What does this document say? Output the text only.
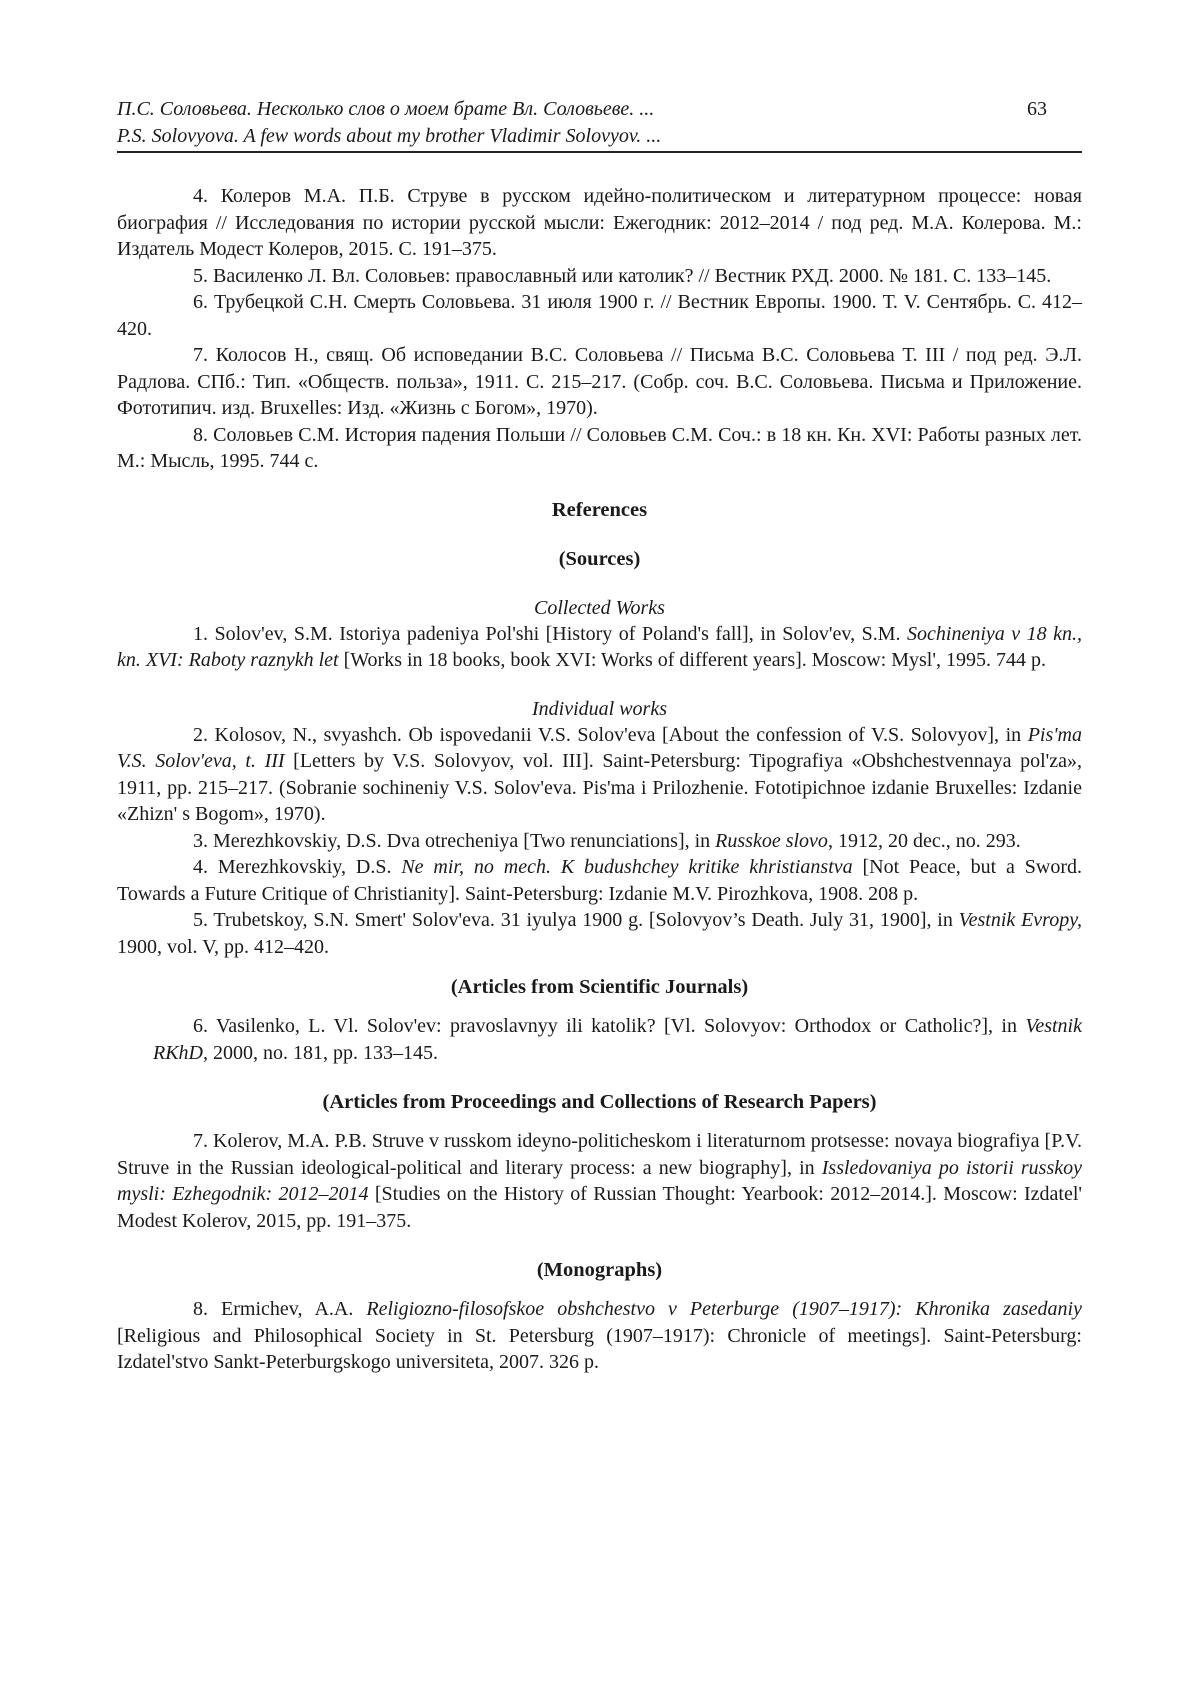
П.С. Соловьева. Несколько слов о моем брате Вл. Соловьеве. ...
P.S. Solovyova. A few words about my brother Vladimir Solovyov. ...
63

4. Колеров М.А. П.Б. Струве в русском идейно-политическом и литературном процессе: новая биография // Исследования по истории русской мысли: Ежегодник: 2012–2014 / под ред. М.А. Колерова. М.: Издатель Модест Колеров, 2015. С. 191–375.

5. Василенко Л. Вл. Соловьев: православный или католик? // Вестник РХД. 2000. № 181. С. 133–145.

6. Трубецкой С.Н. Смерть Соловьева. 31 июля 1900 г. // Вестник Европы. 1900. Т. V. Сентябрь. С. 412–420.

7. Колосов Н., свящ. Об исповедании В.С. Соловьева // Письма В.С. Соловьева Т. III / под ред. Э.Л. Радлова. СПб.: Тип. «Обществ. польза», 1911. С. 215–217. (Собр. соч. В.С. Соловьева. Письма и Приложение. Фототипич. изд. Bruxelles: Изд. «Жизнь с Богом», 1970).

8. Соловьев С.М. История падения Польши // Соловьев С.М. Соч.: в 18 кн. Кн. XVI: Работы разных лет. М.: Мысль, 1995. 744 с.

References
(Sources)
Collected Works

1. Solov'ev, S.M. Istoriya padeniya Pol'shi [History of Poland's fall], in Solov'ev, S.M. Sochineniya v 18 kn., kn. XVI: Raboty raznykh let [Works in 18 books, book XVI: Works of different years]. Moscow: Mysl', 1995. 744 p.

Individual works

2. Kolosov, N., svyashch. Ob ispovedanii V.S. Solov'eva [About the confession of V.S. Solovyov], in Pis'ma V.S. Solov'eva, t. III [Letters by V.S. Solovyov, vol. III]. Saint-Petersburg: Tipografiya «Obshchestvennaya pol'za», 1911, pp. 215–217. (Sobranie sochineniy V.S. Solov'eva. Pis'ma i Prilozhenie. Fototipichnoe izdanie Bruxelles: Izdanie «Zhizn' s Bogom», 1970).

3. Merezhkovskiy, D.S. Dva otrecheniya [Two renunciations], in Russkoe slovo, 1912, 20 dec., no. 293.

4. Merezhkovskiy, D.S. Ne mir, no mech. K budushchey kritike khristianstva [Not Peace, but a Sword. Towards a Future Critique of Christianity]. Saint-Petersburg: Izdanie M.V. Pirozhkova, 1908. 208 p.

5. Trubetskoy, S.N. Smert' Solov'eva. 31 iyulya 1900 g. [Solovyov’s Death. July 31, 1900], in Vestnik Evropy, 1900, vol. V, pp. 412–420.

(Articles from Scientific Journals)

6. Vasilenko, L. Vl. Solov'ev: pravoslavnyy ili katolik? [Vl. Solovyov: Orthodox or Catholic?], in Vestnik RKhD, 2000, no. 181, pp. 133–145.

(Articles from Proceedings and Collections of Research Papers)

7. Kolerov, M.A. P.B. Struve v russkom ideyno-politicheskom i literaturnom protsesse: novaya biografiya [P.V. Struve in the Russian ideological-political and literary process: a new biography], in Issledovaniya po istorii russkoy mysli: Ezhegodnik: 2012–2014 [Studies on the History of Russian Thought: Yearbook: 2012–2014.]. Moscow: Izdatel' Modest Kolerov, 2015, pp. 191–375.

(Monographs)

8. Ermichev, A.A. Religiozno-filosofskoe obshchestvo v Peterburge (1907–1917): Khronika zasedaniy [Religious and Philosophical Society in St. Petersburg (1907–1917): Chronicle of meetings]. Saint-Petersburg: Izdatel'stvo Sankt-Peterburgskogo universiteta, 2007. 326 p.
